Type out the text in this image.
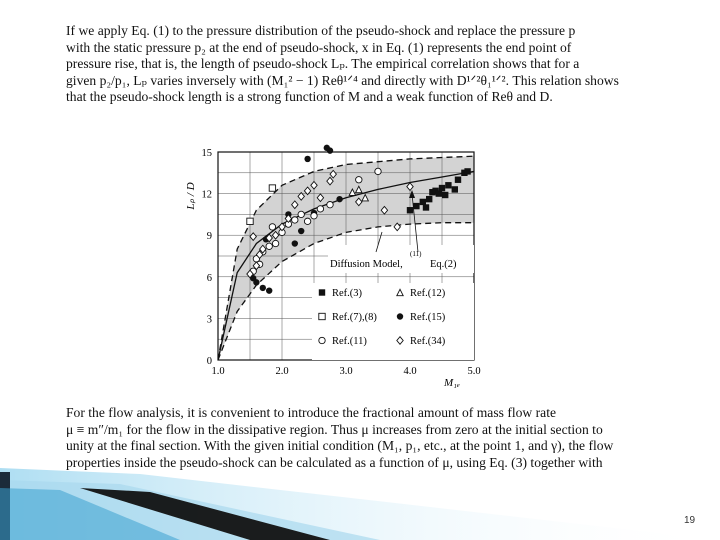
If we apply Eq. (1) to the pressure distribution of the pseudo-shock and replace the pressure p
with the static pressure p₂ at the end of pseudo-shock, x in Eq. (1) represents the end point of
pressure rise, that is, the length of pseudo-shock Lₚ. The empirical correlation shows that for a
given p₂/p₁, Lₚ varies inversely with (M₁² − 1) Reθ¹ᐟ⁴ and directly with D¹ᐟ²θ₁¹ᐟ². This relation shows
that the pseudo-shock length is a strong function of M and a weak function of Reθ and D.
1.0	2.0	3.0	4.0	5.0
0
3
6
9
12
15
Lₚ / D
M₁ₑ
Diffusion Model,
(11)
Eq.(2)
Ref.(3)	Ref.(12)
Ref.(7),(8)	Ref.(15)
Ref.(11)	Ref.(34)
For the flow analysis, it is convenient to introduce the fractional amount of mass flow rate
μ ≡ m″/m₁ for the flow in the dissipative region. Thus μ increases from zero at the initial section to
unity at the final section. With the given initial condition (M₁, p₁, etc., at the point 1, and γ), the flow
properties inside the pseudo-shock can be calculated as a function of μ, using Eq. (3) together with
19
